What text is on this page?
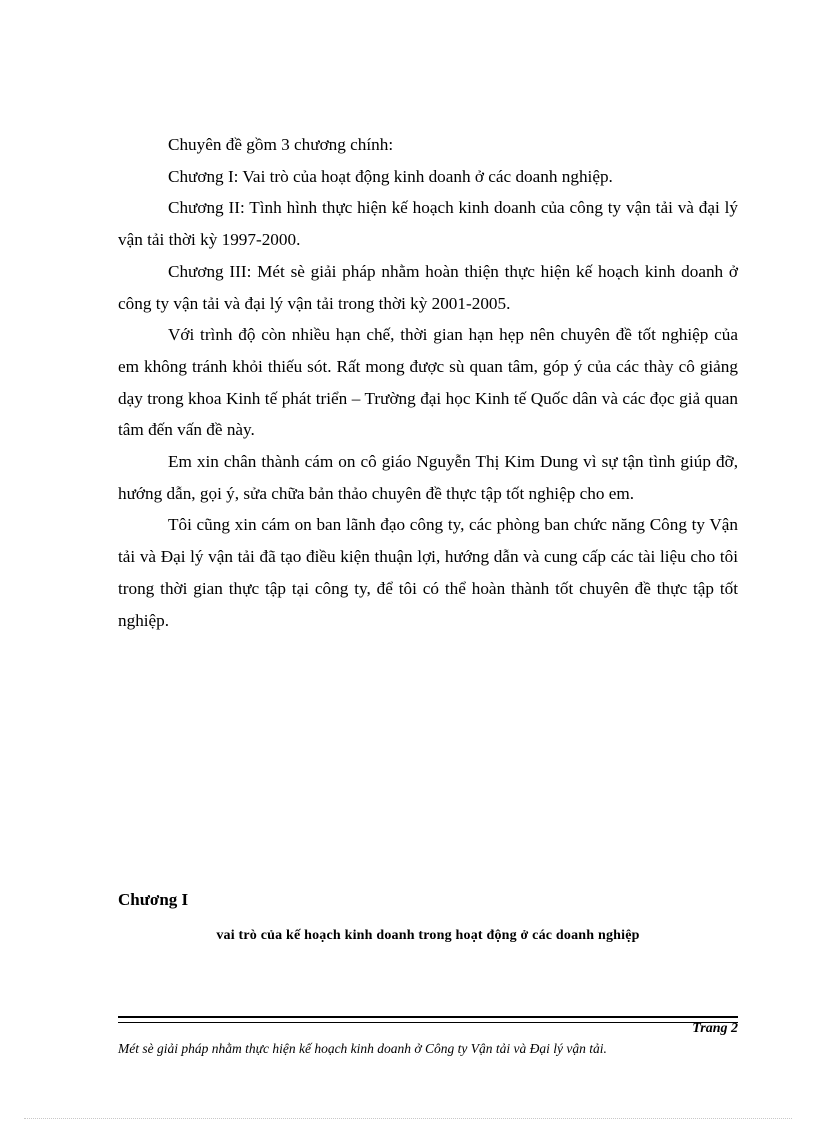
Chuyên đề gồm 3 chương chính:

Chương I: Vai trò của hoạt động kinh doanh ở các doanh nghiệp.

Chương II: Tình hình thực hiện kế hoạch kinh doanh của công ty vận tải và đại lý vận tải thời kỳ 1997-2000.

Chương III: Mét sè giải pháp nhằm hoàn thiện thực hiện kế hoạch kinh doanh ở công ty vận tải và đại lý vận tải trong thời kỳ 2001-2005.

Với trình độ còn nhiều hạn chế, thời gian hạn hẹp nên chuyên đề tốt nghiệp của em không tránh khỏi thiếu sót. Rất mong được sù quan tâm, góp ý của các thày cô giảng dạy trong khoa Kinh tế phát triển – Trường đại học Kinh tế Quốc dân và các đọc giả quan tâm đến vấn đề này.

Em xin chân thành cám on cô giáo Nguyễn Thị Kim Dung vì sự tận tình giúp đỡ, hướng dẫn, gọi ý, sửa chữa bản thảo chuyên đề thực tập tốt nghiệp cho em.

Tôi cũng xin cám on ban lãnh đạo công ty, các phòng ban chức năng Công ty Vận tải và Đại lý vận tải đã tạo điều kiện thuận lợi, hướng dẫn và cung cấp các tài liệu cho tôi trong thời gian thực tập tại công ty, để tôi có thể hoàn thành tốt chuyên đề thực tập tốt nghiệp.

Chương I
vai trò của kế hoạch kinh doanh trong hoạt động ở các doanh nghiệp
Trang 2
Mét sè giải pháp nhằm thực hiện kế hoạch kinh doanh ở Công ty Vận tải và Đại lý vận tải.
